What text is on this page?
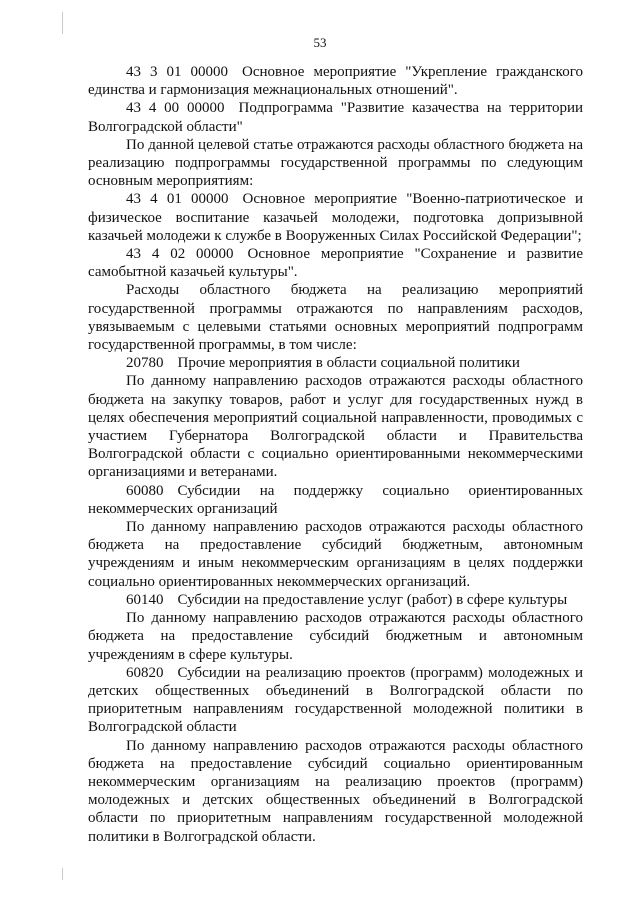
53

43 3 01 00000 Основное мероприятие "Укрепление гражданского единства и гармонизация межнациональных отношений".

43 4 00 00000 Подпрограмма "Развитие казачества на территории Волгоградской области"

По данной целевой статье отражаются расходы областного бюджета на реализацию подпрограммы государственной программы по следующим основным мероприятиям:

43 4 01 00000 Основное мероприятие "Военно-патриотическое и физическое воспитание казачьей молодежи, подготовка допризывной казачьей молодежи к службе в Вооруженных Силах Российской Федерации";

43 4 02 00000 Основное мероприятие "Сохранение и развитие самобытной казачьей культуры".

Расходы областного бюджета на реализацию мероприятий государственной программы отражаются по направлениям расходов, увязываемым с целевыми статьями основных мероприятий подпрограмм государственной программы, в том числе:

20780 Прочие мероприятия в области социальной политики

По данному направлению расходов отражаются расходы областного бюджета на закупку товаров, работ и услуг для государственных нужд в целях обеспечения мероприятий социальной направленности, проводимых с участием Губернатора Волгоградской области и Правительства Волгоградской области с социально ориентированными некоммерческими организациями и ветеранами.

60080 Субсидии на поддержку социально ориентированных некоммерческих организаций

По данному направлению расходов отражаются расходы областного бюджета на предоставление субсидий бюджетным, автономным учреждениям и иным некоммерческим организациям в целях поддержки социально ориентированных некоммерческих организаций.

60140 Субсидии на предоставление услуг (работ) в сфере культуры

По данному направлению расходов отражаются расходы областного бюджета на предоставление субсидий бюджетным и автономным учреждениям в сфере культуры.

60820 Субсидии на реализацию проектов (программ) молодежных и детских общественных объединений в Волгоградской области по приоритетным направлениям государственной молодежной политики в Волгоградской области

По данному направлению расходов отражаются расходы областного бюджета на предоставление субсидий социально ориентированным некоммерческим организациям на реализацию проектов (программ) молодежных и детских общественных объединений в Волгоградской области по приоритетным направлениям государственной молодежной политики в Волгоградской области.
